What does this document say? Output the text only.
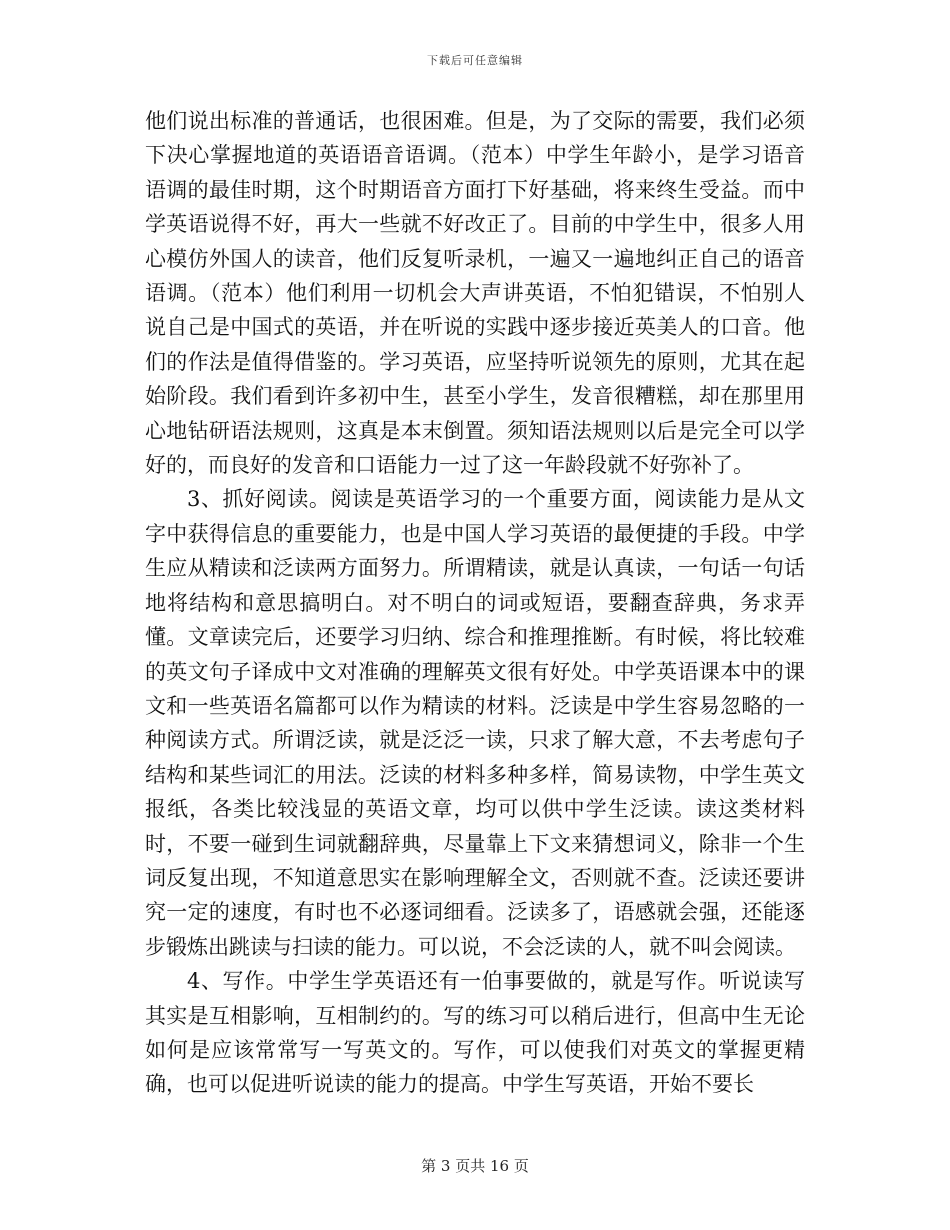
下载后可任意编辑

他们说出标准的普通话，也很困难。但是，为了交际的需要，我们必须下决心掌握地道的英语语音语调。（范本）中学生年龄小，是学习语音语调的最佳时期，这个时期语音方面打下好基础，将来终生受益。而中学英语说得不好，再大一些就不好改正了。目前的中学生中，很多人用心模仿外国人的读音，他们反复听录机，一遍又一遍地纠正自己的语音语调。（范本）他们利用一切机会大声讲英语，不怕犯错误，不怕别人说自己是中国式的英语，并在听说的实践中逐步接近英美人的口音。他们的作法是值得借鉴的。学习英语，应坚持听说领先的原则，尤其在起始阶段。我们看到许多初中生，甚至小学生，发音很糟糕，却在那里用心地钻研语法规则，这真是本末倒置。须知语法规则以后是完全可以学好的，而良好的发音和口语能力一过了这一年龄段就不好弥补了。

3、抓好阅读。阅读是英语学习的一个重要方面，阅读能力是从文字中获得信息的重要能力，也是中国人学习英语的最便捷的手段。中学生应从精读和泛读两方面努力。所谓精读，就是认真读，一句话一句话地将结构和意思搞明白。对不明白的词或短语，要翻查辞典，务求弄懂。文章读完后，还要学习归纳、综合和推理推断。有时候，将比较难的英文句子译成中文对准确的理解英文很有好处。中学英语课本中的课文和一些英语名篇都可以作为精读的材料。泛读是中学生容易忽略的一种阅读方式。所谓泛读，就是泛泛一读，只求了解大意，不去考虑句子结构和某些词汇的用法。泛读的材料多种多样，简易读物，中学生英文报纸，各类比较浅显的英语文章，均可以供中学生泛读。读这类材料时，不要一碰到生词就翻辞典，尽量靠上下文来猜想词义，除非一个生词反复出现，不知道意思实在影响理解全文，否则就不查。泛读还要讲究一定的速度，有时也不必逐词细看。泛读多了，语感就会强，还能逐步锻炼出跳读与扫读的能力。可以说，不会泛读的人，就不叫会阅读。

4、写作。中学生学英语还有一伯事要做的，就是写作。听说读写其实是互相影响，互相制约的。写的练习可以稍后进行，但高中生无论如何是应该常常写一写英文的。写作，可以使我们对英文的掌握更精确，也可以促进听说读的能力的提高。中学生写英语，开始不要长

第 3 页共 16 页
